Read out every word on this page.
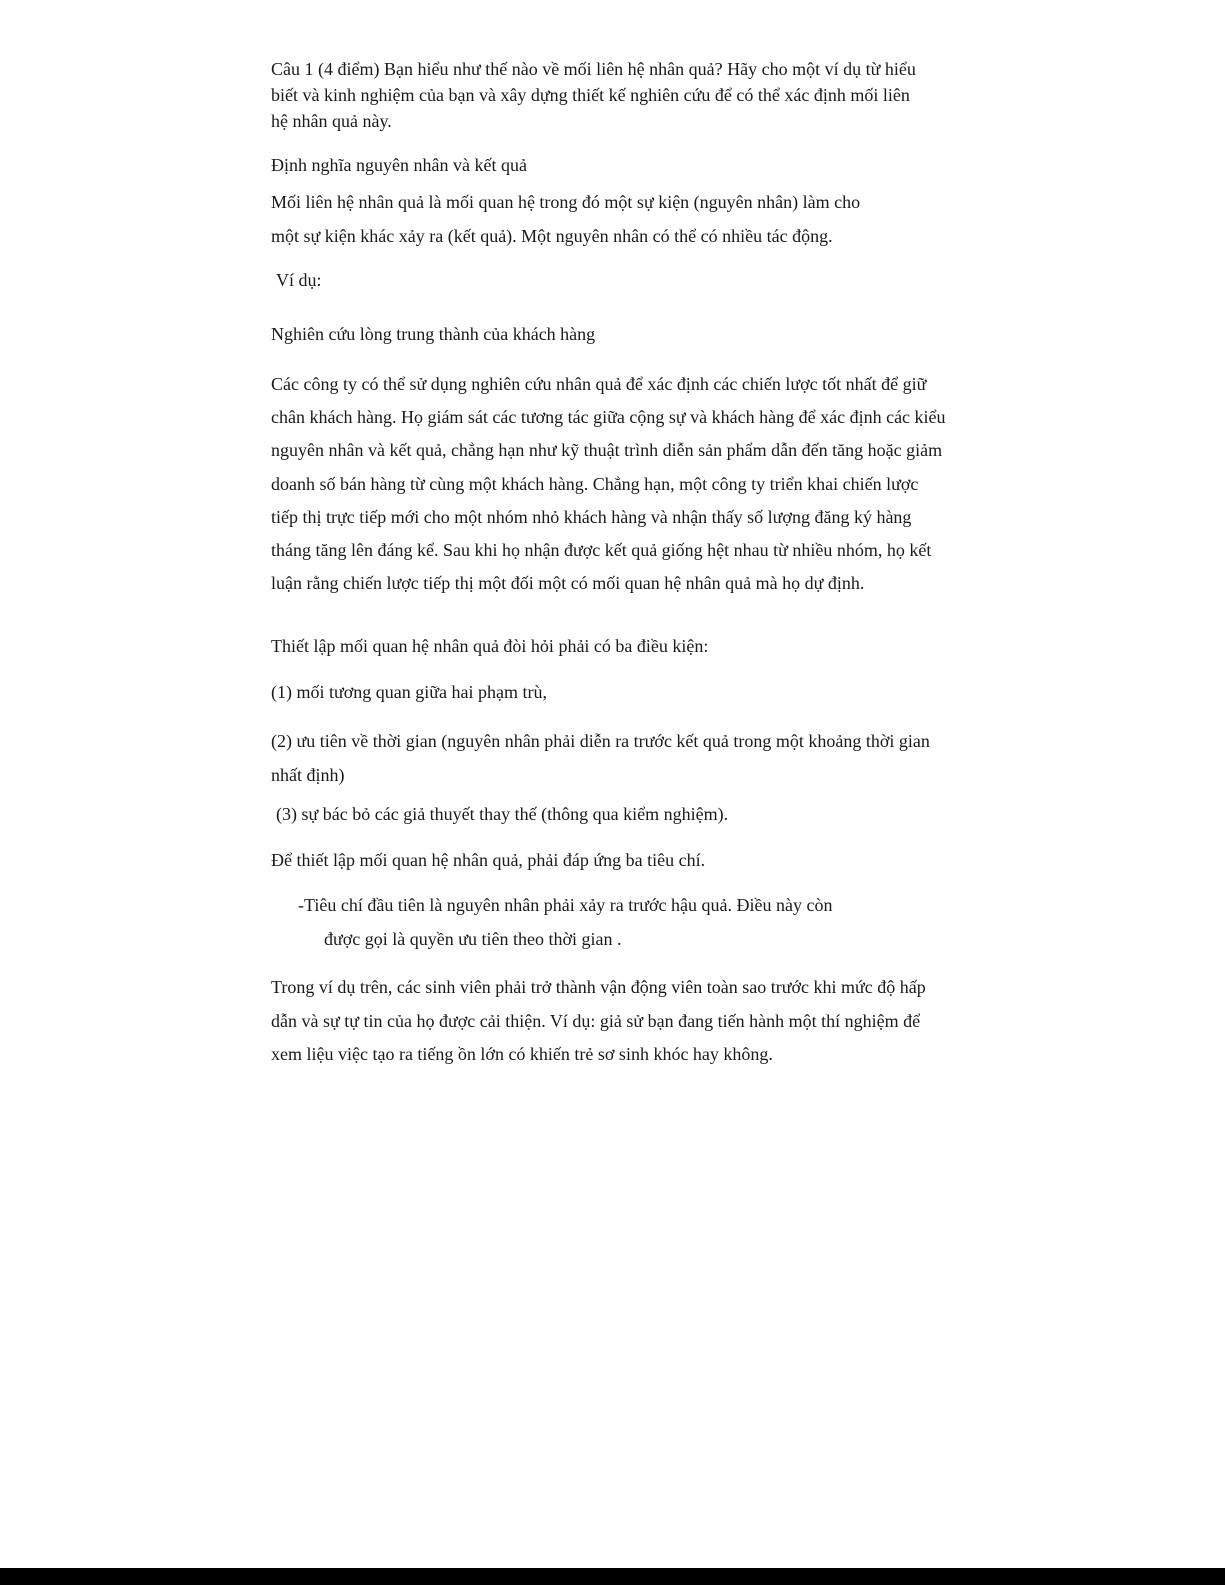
Câu 1 (4 điểm) Bạn hiểu như thế nào về mối liên hệ nhân quả? Hãy cho một ví dụ từ hiểu biết và kinh nghiệm của bạn và xây dựng thiết kế nghiên cứu để có thể xác định mối liên hệ nhân quả này.

Định nghĩa nguyên nhân và kết quả

Mối liên hệ nhân quả là mối quan hệ trong đó một sự kiện (nguyên nhân) làm cho

một sự kiện khác xảy ra (kết quả). Một nguyên nhân có thể có nhiều tác động.

Ví dụ:

Nghiên cứu lòng trung thành của khách hàng

Các công ty có thể sử dụng nghiên cứu nhân quả để xác định các chiến lược tốt nhất để giữ chân khách hàng. Họ giám sát các tương tác giữa cộng sự và khách hàng để xác định các kiểu nguyên nhân và kết quả, chẳng hạn như kỹ thuật trình diễn sản phẩm dẫn đến tăng hoặc giảm doanh số bán hàng từ cùng một khách hàng. Chẳng hạn, một công ty triển khai chiến lược tiếp thị trực tiếp mới cho một nhóm nhỏ khách hàng và nhận thấy số lượng đăng ký hàng tháng tăng lên đáng kể. Sau khi họ nhận được kết quả giống hệt nhau từ nhiều nhóm, họ kết luận rằng chiến lược tiếp thị một đối một có mối quan hệ nhân quả mà họ dự định.

Thiết lập mối quan hệ nhân quả đòi hỏi phải có ba điều kiện:

(1) mối tương quan giữa hai phạm trù,

(2) ưu tiên về thời gian (nguyên nhân phải diễn ra trước kết quả trong một khoảng thời gian nhất định)

(3) sự bác bỏ các giả thuyết thay thế (thông qua kiểm nghiệm).

Để thiết lập mối quan hệ nhân quả, phải đáp ứng ba tiêu chí.

-Tiêu chí đầu tiên là nguyên nhân phải xảy ra trước hậu quả. Điều này còn

được gọi là quyền ưu tiên theo thời gian .

Trong ví dụ trên, các sinh viên phải trở thành vận động viên toàn sao trước khi mức độ hấp dẫn và sự tự tin của họ được cải thiện. Ví dụ: giả sử bạn đang tiến hành một thí nghiệm để xem liệu việc tạo ra tiếng ồn lớn có khiến trẻ sơ sinh khóc hay không.
